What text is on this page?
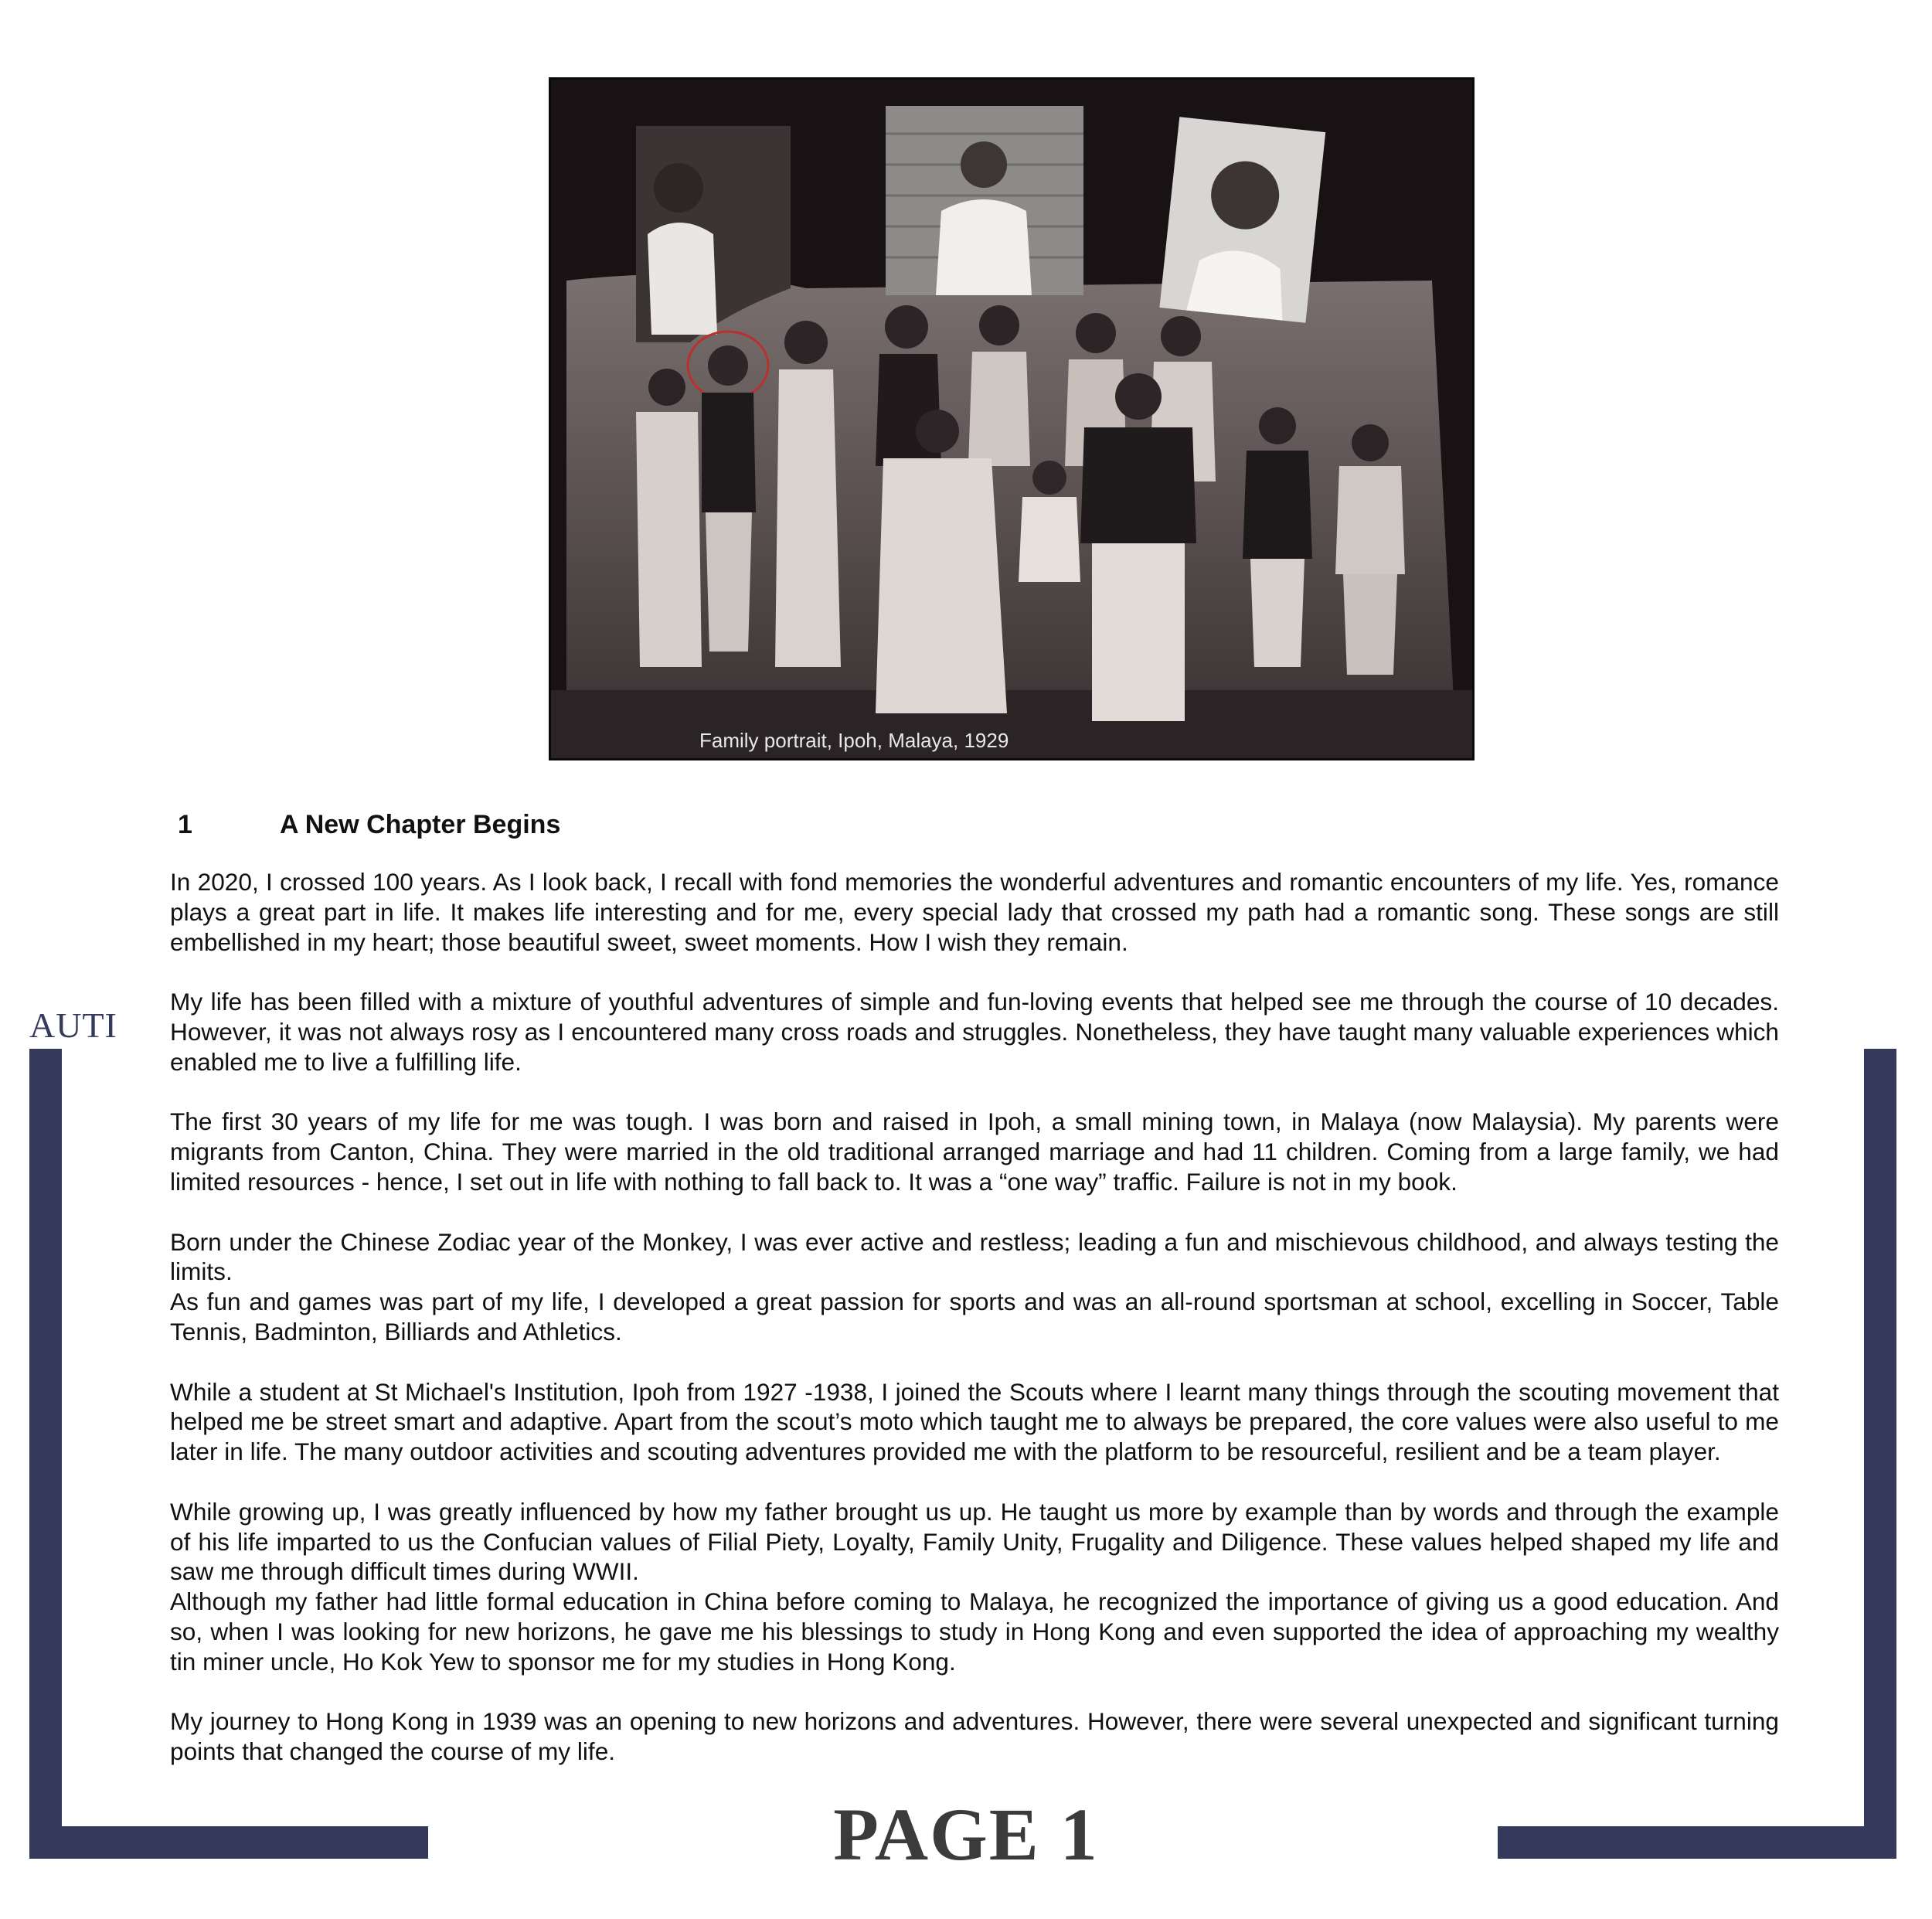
AUTI
Family portrait, Ipoh, Malaya, 1929
1	A New Chapter Begins

In 2020, I crossed 100 years. As I look back, I recall with fond memories the wonderful adventures and romantic encounters of my life. Yes, romance plays a great part in life. It makes life interesting and for me, every special lady that crossed my path had a romantic song. These songs are still embellished in my heart; those beautiful sweet, sweet moments. How I wish they remain.

My life has been filled with a mixture of youthful adventures of simple and fun-loving events that helped see me through the course of 10 decades. However, it was not always rosy as I encountered many cross roads and struggles. Nonetheless, they have taught many valuable experiences which enabled me to live a fulfilling life.

The first 30 years of my life for me was tough. I was born and raised in Ipoh, a small mining town, in Malaya (now Malaysia). My parents were migrants from Canton, China. They were married in the old traditional arranged marriage and had 11 children. Coming from a large family, we had limited resources - hence, I set out in life with nothing to fall back to. It was a “one way” traffic. Failure is not in my book.

Born under the Chinese Zodiac year of the Monkey, I was ever active and restless; leading a fun and mischievous childhood, and always testing the limits.

As fun and games was part of my life, I developed a great passion for sports and was an all-round sportsman at school, excelling in Soccer, Table Tennis, Badminton, Billiards and Athletics.

While a student at St Michael's Institution, Ipoh from 1927 -1938, I joined the Scouts where I learnt many things through the scouting movement that helped me be street smart and adaptive. Apart from the scout’s moto which taught me to always be prepared, the core values were also useful to me later in life. The many outdoor activities and scouting adventures provided me with the platform to be resourceful, resilient and be a team player.

While growing up, I was greatly influenced by how my father brought us up. He taught us more by example than by words and through the example of his life imparted to us the Confucian values of Filial Piety, Loyalty, Family Unity, Frugality and Diligence. These values helped shaped my life and saw me through difficult times during WWII.

Although my father had little formal education in China before coming to Malaya, he recognized the importance of giving us a good education. And so, when I was looking for new horizons, he gave me his blessings to study in Hong Kong and even supported the idea of approaching my wealthy tin miner uncle, Ho Kok Yew to sponsor me for my studies in Hong Kong.

My journey to Hong Kong in 1939 was an opening to new horizons and adventures. However, there were several unexpected and significant turning points that changed the course of my life.

PAGE 1
